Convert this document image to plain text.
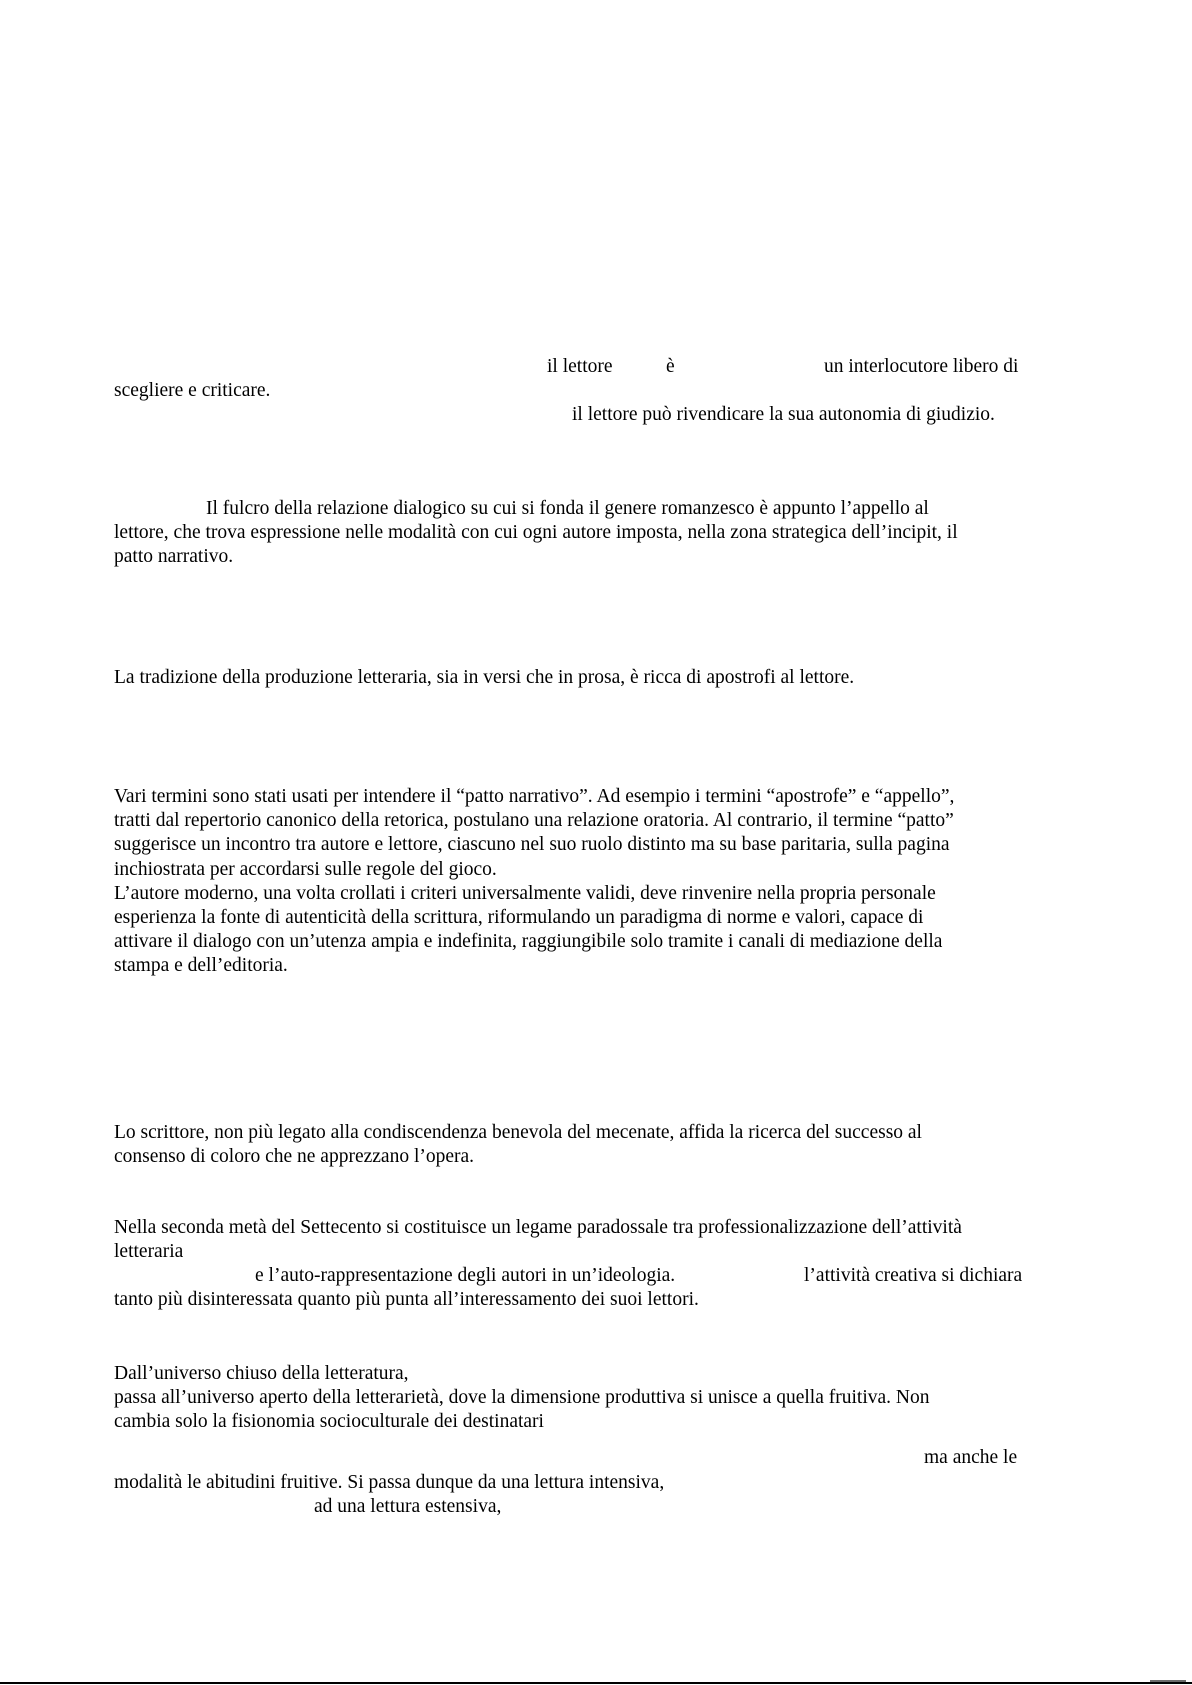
il lettore	è	un interlocutore libero di
scegliere e criticare.
il lettore può rivendicare la sua autonomia di giudizio.
Il fulcro della relazione dialogico su cui si fonda il genere romanzesco è appunto l’appello al
lettore, che trova espressione nelle modalità con cui ogni autore imposta, nella zona strategica dell’incipit, il
patto narrativo.
La tradizione della produzione letteraria, sia in versi che in prosa, è ricca di apostrofi al lettore.
Vari termini sono stati usati per intendere il “patto narrativo”. Ad esempio i termini “apostrofe” e “appello”,
tratti dal repertorio canonico della retorica, postulano una relazione oratoria. Al contrario, il termine “patto”
suggerisce un incontro tra autore e lettore, ciascuno nel suo ruolo distinto ma su base paritaria, sulla pagina
inchiostrata per accordarsi sulle regole del gioco.
L’autore moderno, una volta crollati i criteri universalmente validi, deve rinvenire nella propria personale
esperienza la fonte di autenticità della scrittura, riformulando un paradigma di norme e valori, capace di
attivare il dialogo con un’utenza ampia e indefinita, raggiungibile solo tramite i canali di mediazione della
stampa e dell’editoria.
Lo scrittore, non più legato alla condiscendenza benevola del mecenate, affida la ricerca del successo al
consenso di coloro che ne apprezzano l’opera.
Nella seconda metà del Settecento si costituisce un legame paradossale tra professionalizzazione dell’attività
letteraria
e l’auto-rappresentazione degli autori in un’ideologia.	l’attività creativa si dichiara
tanto più disinteressata quanto più punta all’interessamento dei suoi lettori.
Dall’universo chiuso della letteratura,
passa all’universo aperto della letterarietà, dove la dimensione produttiva si unisce a quella fruitiva. Non
cambia solo la fisionomia socioculturale dei destinatari
ma anche le
modalità le abitudini fruitive. Si passa dunque da una lettura intensiva,
ad una lettura estensiva,
